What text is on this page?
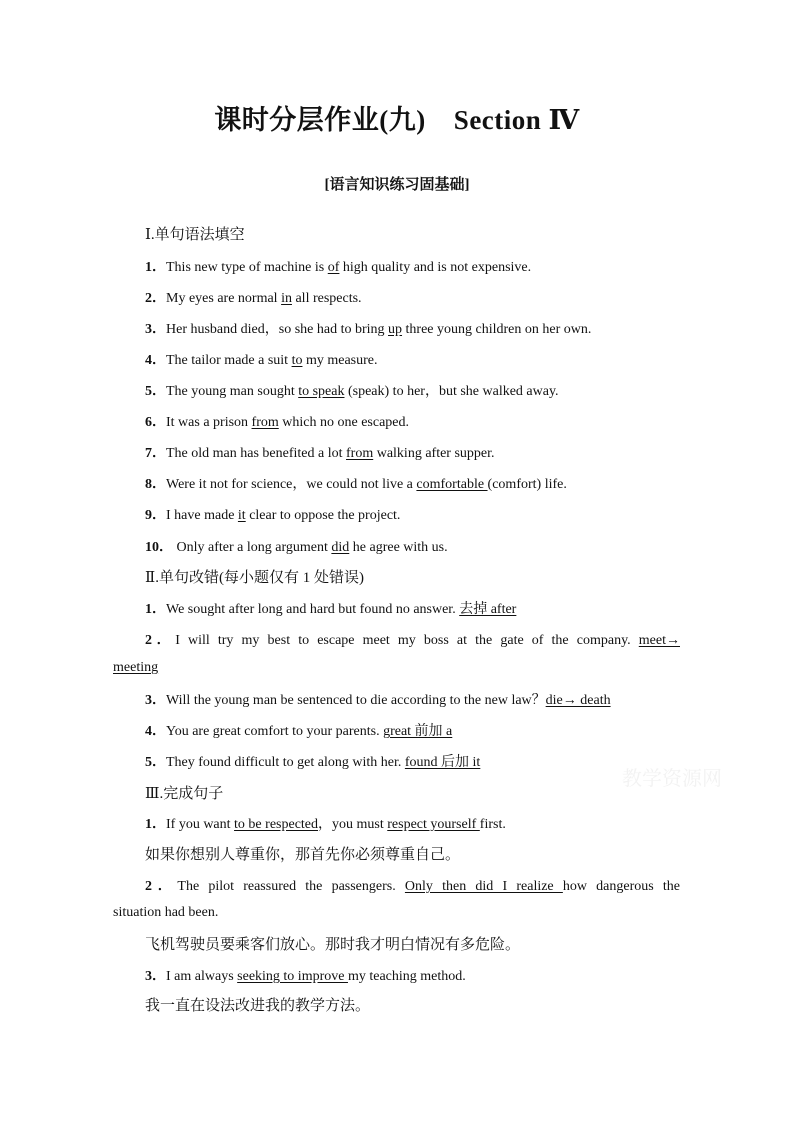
课时分层作业(九) Section Ⅳ
[语言知识练习固基础]
Ⅰ.单句语法填空
1．This new type of machine is of high quality and is not expensive.
2．My eyes are normal in all respects.
3．Her husband died，so she had to bring up three young children on her own.
4．The tailor made a suit to my measure.
5．The young man sought to speak (speak) to her，but she walked away.
6．It was a prison from which no one escaped.
7．The old man has benefited a lot from walking after supper.
8．Were it not for science，we could not live a comfortable (comfort) life.
9．I have made it clear to oppose the project.
10． Only after a long argument did he agree with us.
Ⅱ.单句改错(每小题仅有 1 处错误)
1．We sought after long and hard but found no answer. 去掉 after
2．I will try my best to escape meet my boss at the gate of the company. meet→
meeting
3．Will the young man be sentenced to die according to the new law？die→ death
4．You are great comfort to your parents. great 前加 a
5．They found difficult to get along with her. found 后加 it
教学资源网
Ⅲ.完成句子
1．If you want to be respected，you must respect yourself first.
如果你想别人尊重你，那首先你必须尊重自己。
2．The pilot reassured the passengers. Only then did I realize how dangerous the
situation had been.
飞机驾驶员要乘客们放心。那时我才明白情况有多危险。
3．I am always seeking to improve my teaching method.
我一直在设法改进我的教学方法。
